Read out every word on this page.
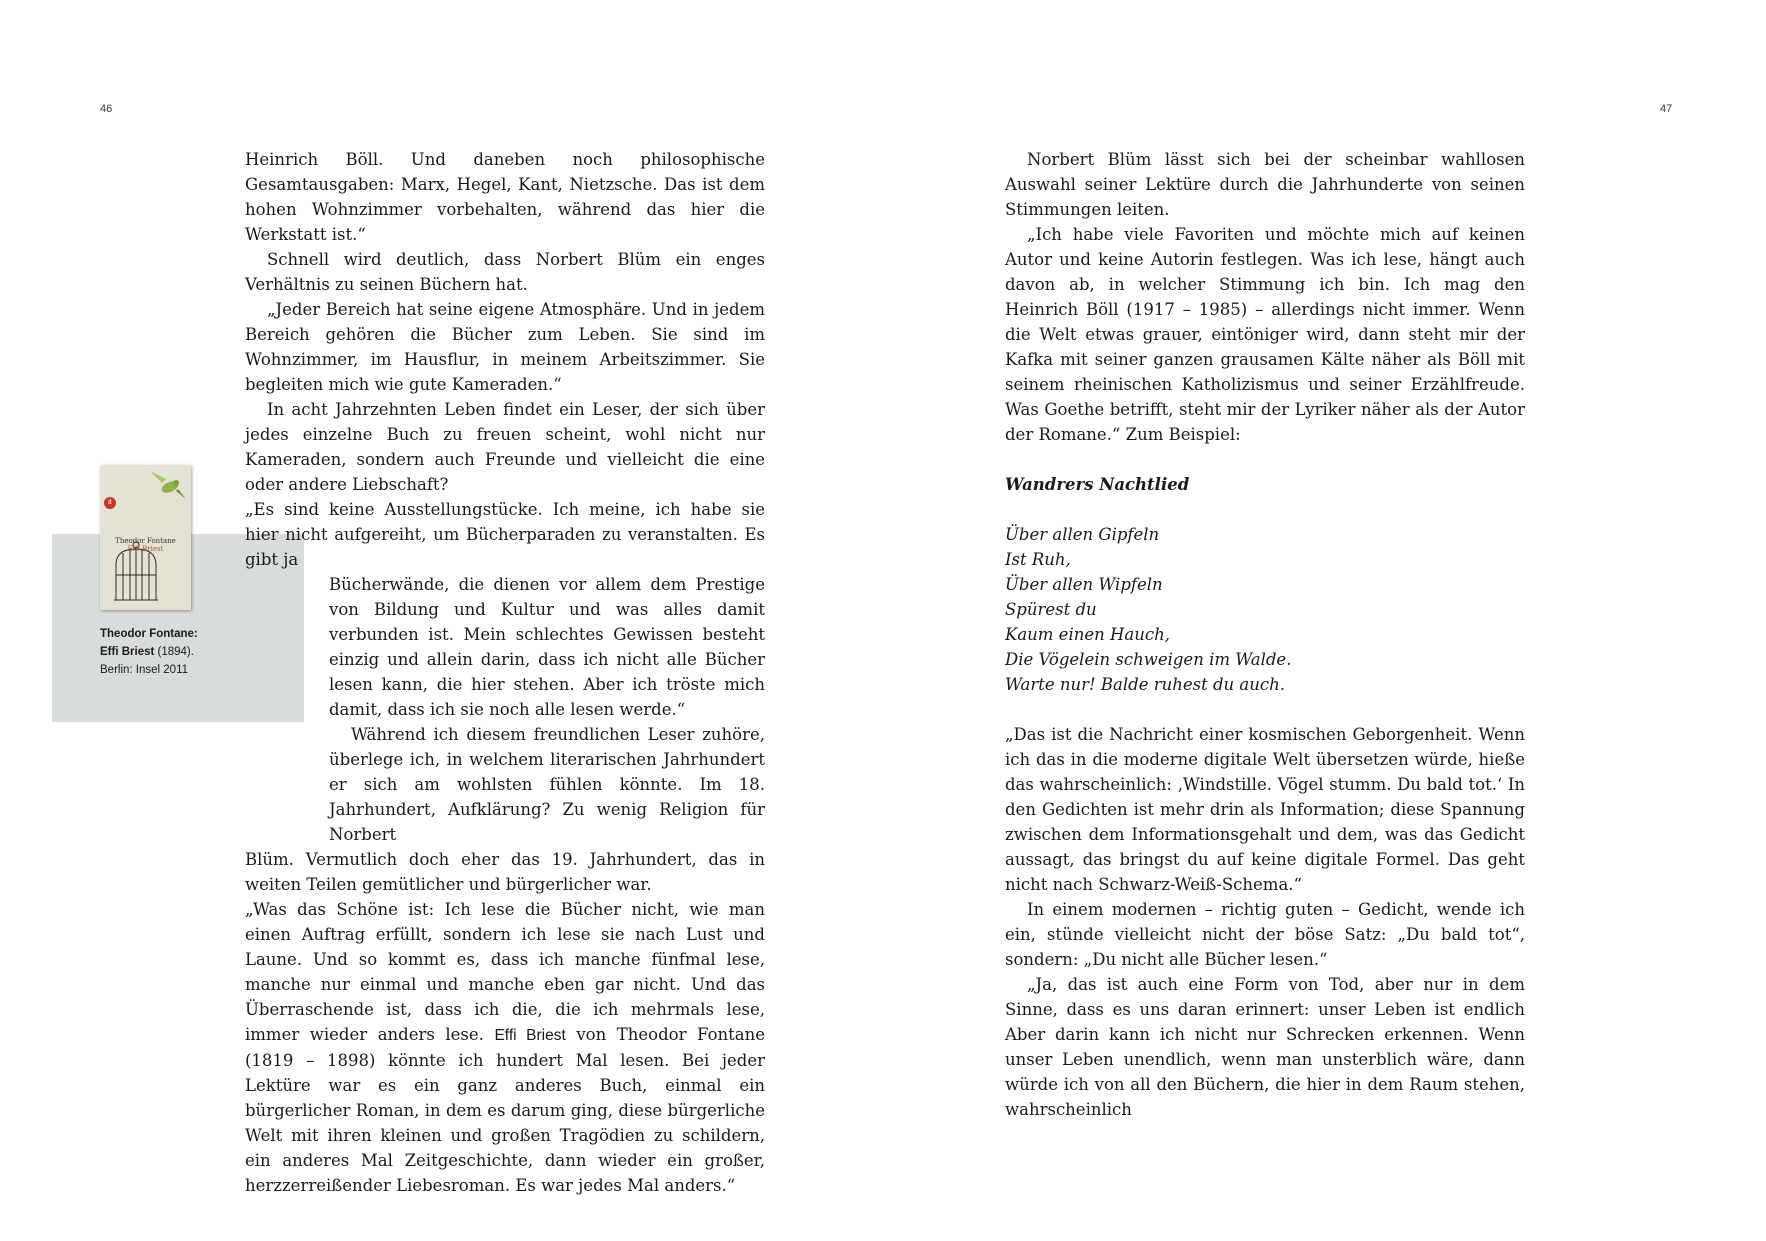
46	47
it
Theodor Fontane
Effi Briest
Theodor Fontane:
Effi Briest (1894).
Berlin: Insel 2011

Heinrich Böll. Und daneben noch philosophische Gesamtausgaben: Marx, Hegel, Kant, Nietzsche. Das ist dem hohen Wohnzimmer vorbehalten, während das hier die Werkstatt ist.“

Schnell wird deutlich, dass Norbert Blüm ein enges Verhältnis zu seinen Büchern hat.

„Jeder Bereich hat seine eigene Atmosphäre. Und in jedem Bereich gehören die Bücher zum Leben. Sie sind im Wohnzimmer, im Hausflur, in meinem Arbeitszimmer. Sie begleiten mich wie gute Kameraden.“

In acht Jahrzehnten Leben findet ein Leser, der sich über jedes einzelne Buch zu freuen scheint, wohl nicht nur Kameraden, sondern auch Freunde und vielleicht die eine oder andere Liebschaft?

„Es sind keine Ausstellungstücke. Ich meine, ich habe sie hier nicht aufgereiht, um Bücherparaden zu veranstalten. Es gibt ja

Bücherwände, die dienen vor allem dem Prestige von Bildung und Kultur und was alles damit verbunden ist. Mein schlechtes Gewissen besteht einzig und allein darin, dass ich nicht alle Bücher lesen kann, die hier stehen. Aber ich tröste mich damit, dass ich sie noch alle lesen werde.“

Während ich diesem freundlichen Leser zuhöre, überlege ich, in welchem literarischen Jahrhundert er sich am wohlsten fühlen könnte. Im 18. Jahrhundert, Aufklärung? Zu wenig Religion für Norbert

Blüm. Vermutlich doch eher das 19. Jahrhundert, das in weiten Teilen gemütlicher und bürgerlicher war.

„Was das Schöne ist: Ich lese die Bücher nicht, wie man einen Auftrag erfüllt, sondern ich lese sie nach Lust und Laune. Und so kommt es, dass ich manche fünfmal lese, manche nur einmal und manche eben gar nicht. Und das Überraschende ist, dass ich die, die ich mehrmals lese, immer wieder anders lese. Effi Briest von Theodor Fontane (1819 – 1898) könnte ich hundert Mal lesen. Bei jeder Lektüre war es ein ganz anderes Buch, einmal ein bürgerlicher Roman, in dem es darum ging, diese bürgerliche Welt mit ihren kleinen und großen Tragödien zu schildern, ein anderes Mal Zeitgeschichte, dann wieder ein großer, herzzerreißender Liebesroman. Es war jedes Mal anders.“

Norbert Blüm lässt sich bei der scheinbar wahllosen Auswahl seiner Lektüre durch die Jahrhunderte von seinen Stimmungen leiten.

„Ich habe viele Favoriten und möchte mich auf keinen Autor und keine Autorin festlegen. Was ich lese, hängt auch davon ab, in welcher Stimmung ich bin. Ich mag den Heinrich Böll (1917 – 1985) – allerdings nicht immer. Wenn die Welt etwas grauer, eintöniger wird, dann steht mir der Kafka mit seiner ganzen grausamen Kälte näher als Böll mit seinem rheinischen Katholizismus und seiner Erzählfreude. Was Goethe betrifft, steht mir der Lyriker näher als der Autor der Romane.“ Zum Beispiel:

Wandrers Nachtlied

Über allen Gipfeln
Ist Ruh,
Über allen Wipfeln
Spürest du
Kaum einen Hauch,
Die Vögelein schweigen im Walde.
Warte nur! Balde ruhest du auch.

„Das ist die Nachricht einer kosmischen Geborgenheit. Wenn ich das in die moderne digitale Welt übersetzen würde, hieße das wahrscheinlich: ‚Windstille. Vögel stumm. Du bald tot.‘ In den Gedichten ist mehr drin als Information; diese Spannung zwischen dem Informationsgehalt und dem, was das Gedicht aussagt, das bringst du auf keine digitale Formel. Das geht nicht nach Schwarz-Weiß-Schema.“

In einem modernen – richtig guten – Gedicht, wende ich ein, stünde vielleicht nicht der böse Satz: „Du bald tot“, sondern: „Du nicht alle Bücher lesen.“

„Ja, das ist auch eine Form von Tod, aber nur in dem Sinne, dass es uns daran erinnert: unser Leben ist endlich Aber darin kann ich nicht nur Schrecken erkennen. Wenn unser Leben unendlich, wenn man unsterblich wäre, dann würde ich von all den Büchern, die hier in dem Raum stehen, wahrscheinlich
